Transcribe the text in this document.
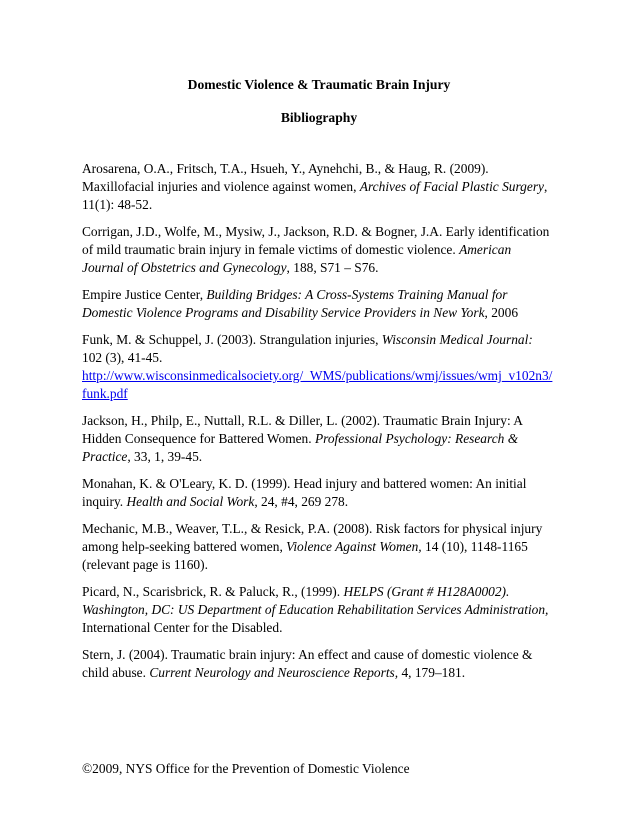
Domestic Violence & Traumatic Brain Injury
Bibliography
Arosarena, O.A., Fritsch, T.A., Hsueh, Y., Aynehchi, B., & Haug, R. (2009). Maxillofacial injuries and violence against women, Archives of Facial Plastic Surgery, 11(1): 48-52.
Corrigan, J.D., Wolfe, M., Mysiw, J., Jackson, R.D. & Bogner, J.A. Early identification of mild traumatic brain injury in female victims of domestic violence. American Journal of Obstetrics and Gynecology, 188, S71 – S76.
Empire Justice Center, Building Bridges: A Cross-Systems Training Manual for Domestic Violence Programs and Disability Service Providers in New York, 2006
Funk, M. & Schuppel, J. (2003). Strangulation injuries, Wisconsin Medical Journal: 102 (3), 41-45.
http://www.wisconsinmedicalsociety.org/_WMS/publications/wmj/issues/wmj_v102n3/funk.pdf
Jackson, H., Philp, E., Nuttall, R.L. & Diller, L. (2002). Traumatic Brain Injury: A Hidden Consequence for Battered Women. Professional Psychology: Research & Practice, 33, 1, 39-45.
Monahan, K. & O'Leary, K. D. (1999). Head injury and battered women: An initial inquiry. Health and Social Work, 24, #4, 269 278.
Mechanic, M.B., Weaver, T.L., & Resick, P.A. (2008). Risk factors for physical injury among help-seeking battered women, Violence Against Women, 14 (10), 1148-1165 (relevant page is 1160).
Picard, N., Scarisbrick, R. & Paluck, R., (1999). HELPS (Grant # H128A0002). Washington, DC: US Department of Education Rehabilitation Services Administration, International Center for the Disabled.
Stern, J. (2004). Traumatic brain injury: An effect and cause of domestic violence & child abuse. Current Neurology and Neuroscience Reports, 4, 179–181.
©2009, NYS Office for the Prevention of Domestic Violence
